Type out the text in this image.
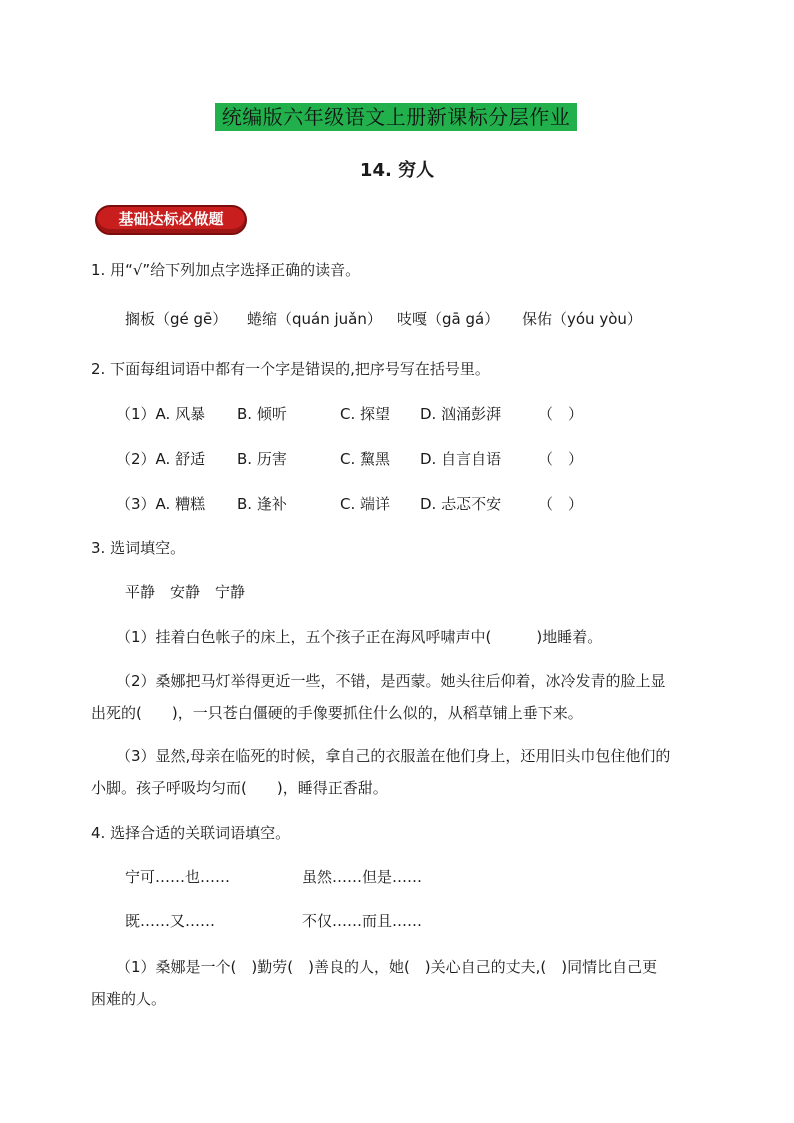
统编版六年级语文上册新课标分层作业
14. 穷人
基础达标必做题
1. 用“√”给下列加点字选择正确的读音。
搁板（gé gē） 蜷缩（quán juǎn） 吱嘎（gā gá） 保佑（yóu yòu）
2. 下面每组词语中都有一个字是错误的,把序号写在括号里。
（1）A. 风暴 B. 倾听	C. 探望 D. 汹涌彭湃 （　）
（2）A. 舒适 B. 历害	C. 黧黑 D. 自言自语 （　）
（3）A. 糟糕 B. 逢补	C. 端详 D. 忐忑不安 （　）
3. 选词填空。
平静　安静　宁静
（1）挂着白色帐子的床上，五个孩子正在海风呼啸声中(　　　)地睡着。
（2）桑娜把马灯举得更近一些，不错，是西蒙。她头往后仰着，冰冷发青的脸上显
出死的(　　)，一只苍白僵硬的手像要抓住什么似的，从稻草铺上垂下来。
（3）显然,母亲在临死的时候，拿自己的衣服盖在他们身上，还用旧头巾包住他们的
小脚。孩子呼吸均匀而(　　)，睡得正香甜。
4. 选择合适的关联词语填空。
宁可……也……	虽然……但是……
既……又……	不仅……而且……
（1）桑娜是一个(　)勤劳(　)善良的人，她(　)关心自己的丈夫,(　)同情比自己更
困难的人。
